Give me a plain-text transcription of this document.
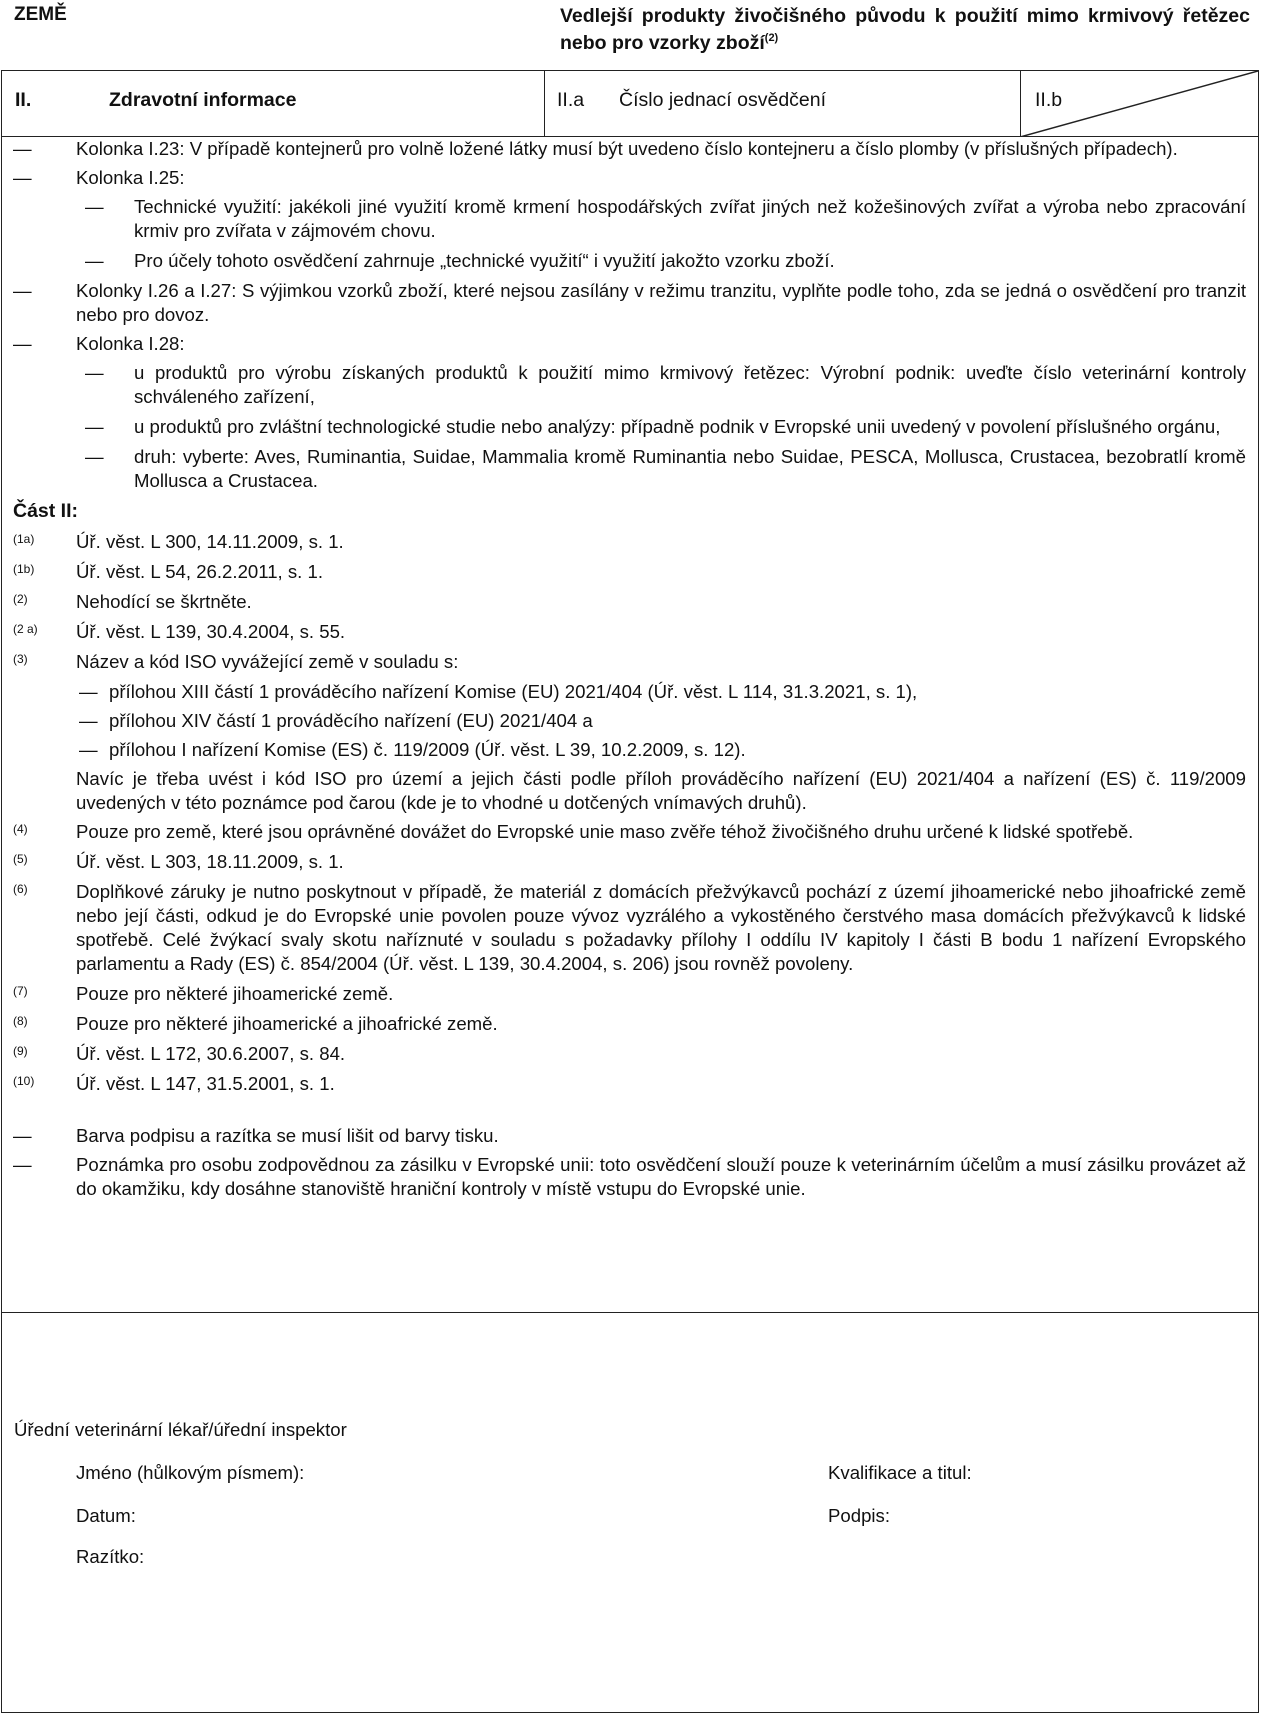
ZEMĚ	Vedlejší produkty živočišného původu k použití mimo krmivový řetězec nebo pro vzorky zboží$^{(2)}$
II.	Zdravotní informace	II.a Číslo jednací osvědčení	II.b
— Kolonka I.23: V případě kontejnerů pro volně ložené látky musí být uvedeno číslo kontejneru a číslo plomby (v příslušných případech).
— Kolonka I.25:
— Technické využití: jakékoli jiné využití kromě krmení hospodářských zvířat jiných než kožešinových zvířat a výroba nebo zpracování krmiv pro zvířata v zájmovém chovu.
— Pro účely tohoto osvědčení zahrnuje „technické využití“ i využití jakožto vzorku zboží.
— Kolonky I.26 a I.27: S výjimkou vzorků zboží, které nejsou zasílány v režimu tranzitu, vyplňte podle toho, zda se jedná o osvědčení pro tranzit nebo pro dovoz.
— Kolonka I.28:
— u produktů pro výrobu získaných produktů k použití mimo krmivový řetězec: Výrobní podnik: uveďte číslo veterinární kontroly schváleného zařízení,
— u produktů pro zvláštní technologické studie nebo analýzy: případně podnik v Evropské unii uvedený v povolení příslušného orgánu,
— druh: vyberte: Aves, Ruminantia, Suidae, Mammalia kromě Ruminantia nebo Suidae, PESCA, Mollusca, Crustacea, bezobratlí kromě Mollusca a Crustacea.
Část II:
(1a) Úř. věst. L 300, 14.11.2009, s. 1.
(1b) Úř. věst. L 54, 26.2.2011, s. 1.
(2)	Nehodící se škrtněte.
(2 a) Úř. věst. L 139, 30.4.2004, s. 55.
(3)	Název a kód ISO vyvážející země v souladu s:
— přílohou XIII částí 1 prováděcího nařízení Komise (EU) 2021/404 (Úř. věst. L 114, 31.3.2021, s. 1),
— přílohou XIV částí 1 prováděcího nařízení (EU) 2021/404 a
— přílohou I nařízení Komise (ES) č. 119/2009 (Úř. věst. L 39, 10.2.2009, s. 12).
Navíc je třeba uvést i kód ISO pro území a jejich části podle příloh prováděcího nařízení (EU) 2021/404 a nařízení (ES) č. 119/2009 uvedených v této poznámce pod čarou (kde je to vhodné u dotčených vnímavých druhů).
(4)	Pouze pro země, které jsou oprávněné dovážet do Evropské unie maso zvěře téhož živočišného druhu určené k lidské spotřebě.
(5)	Úř. věst. L 303, 18.11.2009, s. 1.
(6)	Doplňkové záruky je nutno poskytnout v případě, že materiál z domácích přežvýkavců pochází z území jihoamerické nebo jihoafrické země nebo její části, odkud je do Evropské unie povolen pouze vývoz vyzrálého a vykostěného čerstvého masa domácích přežvýkavců k lidské spotřebě. Celé žvýkací svaly skotu naříznuté v souladu s požadavky přílohy I oddílu IV kapitoly I části B bodu 1 nařízení Evropského parlamentu a Rady (ES) č. 854/2004 (Úř. věst. L 139, 30.4.2004, s. 206) jsou rovněž povoleny.
(7)	Pouze pro některé jihoamerické země.
(8)	Pouze pro některé jihoamerické a jihoafrické země.
(9)	Úř. věst. L 172, 30.6.2007, s. 84.
(10) Úř. věst. L 147, 31.5.2001, s. 1.
— Barva podpisu a razítka se musí lišit od barvy tisku.
— Poznámka pro osobu zodpovědnou za zásilku v Evropské unii: toto osvědčení slouží pouze k veterinárním účelům a musí zásilku provázet až do okamžiku, kdy dosáhne stanoviště hraniční kontroly v místě vstupu do Evropské unie.
Úřední veterinární lékař/úřední inspektor
Jméno (hůlkovým písmem):	Kvalifikace a titul:
Datum:	Podpis:
Razítko:
